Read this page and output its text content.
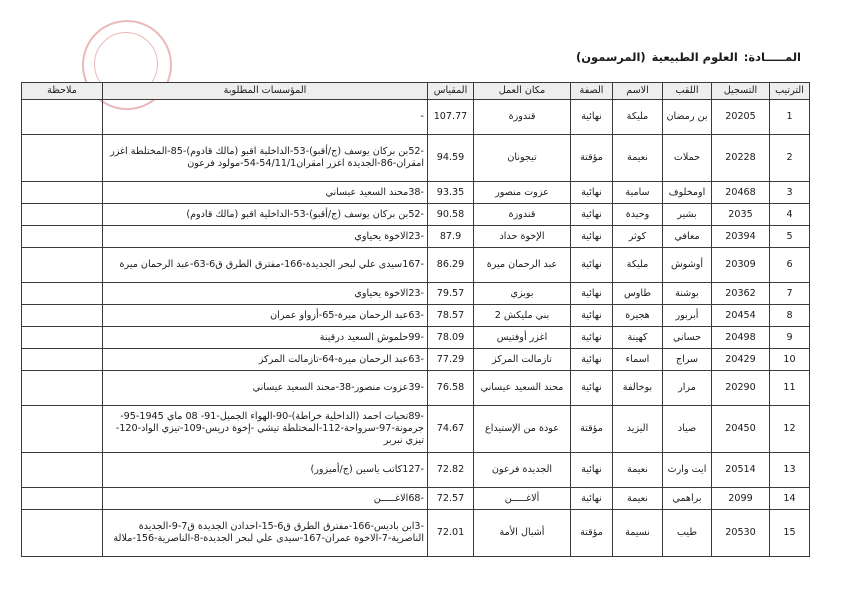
المـــــادة:العلوم الطبيعية(المرسمون)
الترتيب	التسجيل	اللقب	الاسم	الصفة	مكان العمل	المقياس	المؤسسات المطلوبة	ملاحظة
1	20205	بن رمضان	مليكة	نهائية	قندوزة	107.77	-	
2	20228	حملات	نعيمة	مؤقتة	تيجونان	94.59	-52بن بركان يوسف (ج/أقبو)-53-الداخلية اقبو (مالك قادوم)-85-المختلطة اغزر امقران-86-الجديدة اغزر امقران54/11/1-54-مولود فرعون	
3	20468	اومخلوف	سامية	نهائية	عزوت منصور	93.35	-38محند السعيد عيساني	
4	2035	بشير	وحيدة	نهائية	قندوزة	90.58	-52بن بركان يوسف (ج/أقبو)-53-الداخلية اقبو (مالك قادوم)	
5	20394	معافي	كوثر	نهائية	الإخوة حداد	87.9	-23الاخوة يحياوي	
6	20309	أوشوش	مليكة	نهائية	عبد الرحمان ميرة	86.29	-167سيدى علي لبحر الجديدة-166-مفترق الطرق ق6-63-عبد الرحمان ميرة	
7	20362	بوشنة	طاوس	نهائية	بوبزي	79.57	-23الاخوة يحياوي	
8	20454	أبربور	هجيرة	نهائية	بني مليكش 2	78.57	-63عبد الرحمان ميرة-65-أزواو عمران	
9	20498	حساني	كهينة	نهائية	اغزر أوفتيس	78.09	-99حلموش السعيد درقينة	
10	20429	سراج	اسماء	نهائية	تازمالت المركز	77.29	-63عبد الرحمان ميرة-64-تازمالت المركز	
11	20290	مرار	بوخالفة	نهائية	محند السعيد عيساني	76.58	-39عزوت منصور-38-محند السعيد عيساني	
12	20450	صياد	اليزيد	مؤقتة	عودة من الإستيداع	74.67	-89تحيات احمد (الداخلية خراطة)-90-الهواء الجميل-91- 08 ماي 1945-95-جرمونة-97-سرواحة-112-المختلطة تيشي -إخوة دريس-109-تيزي الواد-120-تيزي نبربر	
13	20514	ايت وارث	نعيمة	نهائية	الجديدة فرعون	72.82	-127كاتب ياسين (ج/أميزور)	
14	2099	براهمي	نعيمة	نهائية	ألاغـــــن	72.57	-68الاغـــــن	
15	20530	طيب	نسيمة	مؤقتة	أشبال الأمة	72.01	-3ابن باديس-166-مفترق الطرق ق6-15-احدادن الجديدة ق7-9-الجديدة الناصرية-7-الاخوة عمران-167-سيدى علي لبحر الجديدة-8-الناصرية-156-ملالة	
